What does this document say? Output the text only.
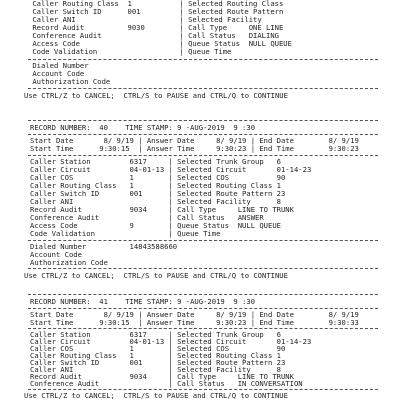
Caller Routing Class  1           | Selected Routing Class
Caller Switch ID      001         | Selected Route Pattern
Caller ANI                        | Selected Facility
Record Audit          9030        | Call Type     ONE LINE
Conference Audit                  | Call Status   DIALING
Access Code                       | Queue Status  NULL QUEUE
Code Validation                   | Queue Time
Dialed Number
Account Code
Authorization Code
Use CTRL/Z to CANCEL;  CTRL/S to PAUSE and CTRL/Q to CONTINUE
RECORD NUMBER:  40    TIME STAMP: 9 -AUG-2019  9 :30
Start Date       8/ 9/19 | Answer Date     8/ 9/19 | End Date        8/ 9/19
Start Time      9:30:15  | Answer Time     9:30:23 | End Time        9:30:23
Caller Station         6317     | Selected Trunk Group   6
Caller Circuit         04-01-13 | Selected Circuit       01-14-23
Caller COS             1        | Selected COS           90
Caller Routing Class   1        | Selected Routing Class 1
Caller Switch ID       001      | Selected Route Pattern 23
Caller ANI                      | Selected Facility      8
Record Audit           9034     | Call Type     LINE TO TRUNK
Conference Audit                | Call Status   ANSWER
Access Code            9        | Queue Status  NULL QUEUE
Code Validation                 | Queue Time
Dialed Number          14843588660
Account Code
Authorization Code
Use CTRL/Z to CANCEL;  CTRL/S to PAUSE and CTRL/Q to CONTINUE
RECORD NUMBER:  41    TIME STAMP: 9 -AUG-2019  9 :30
Start Date       8/ 9/19 | Answer Date     8/ 9/19 | End Date        8/ 9/19
Start Time      9:30:15  | Answer Time     9:30:23 | End Time        9:30:33
Caller Station         6317     | Selected Trunk Group   6
Caller Circuit         04-01-13 | Selected Circuit       01-14-23
Caller COS             1        | Selected COS           90
Caller Routing Class   1        | Selected Routing Class 1
Caller Switch ID       001      | Selected Route Pattern 23
Caller ANI                      | Selected Facility      8
Record Audit           9034     | Call Type     LINE TO TRUNK
Conference Audit                | Call Status   IN CONVERSATION
Use CTRL/Z to CANCEL;  CTRL/S to PAUSE and CTRL/Q to CONTINUE
